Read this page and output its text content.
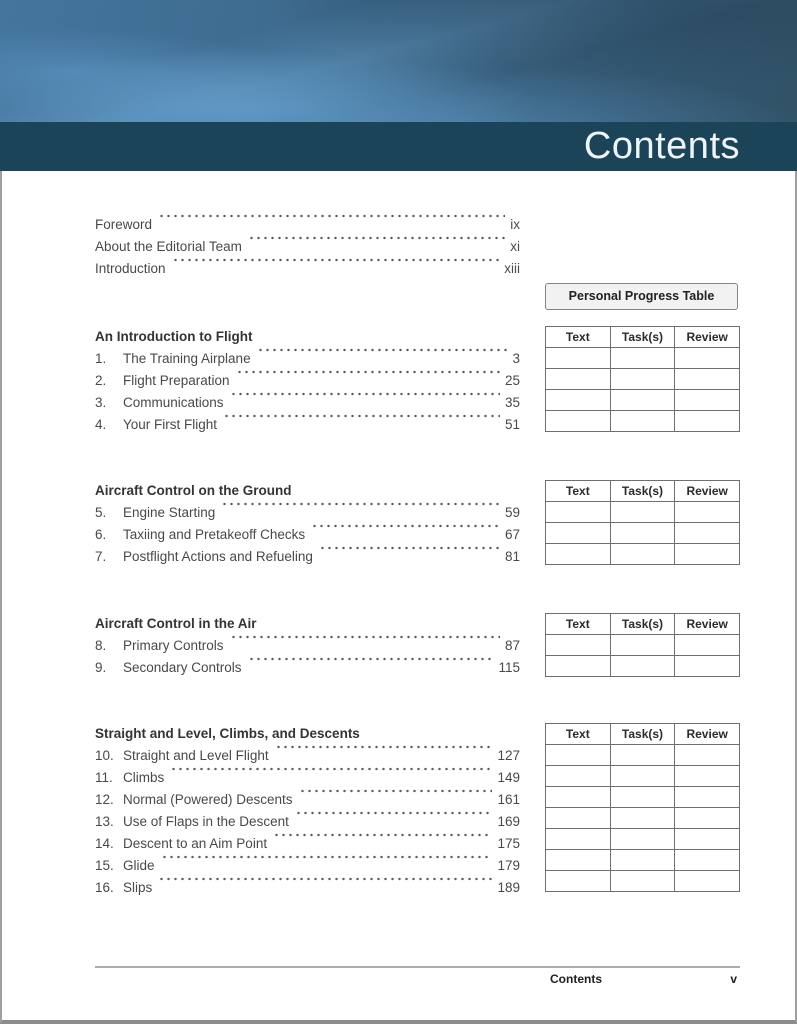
Contents
Foreword	ix
About the Editorial Team	xi
Introduction	xiii
Personal Progress Table
An Introduction to Flight
1.	The Training Airplane	3
2.	Flight Preparation	25
3.	Communications	35
4.	Your First Flight	51
Text	Task(s)	Review

Aircraft Control on the Ground
5.	Engine Starting	59
6.	Taxiing and Pretakeoff Checks	67
7.	Postflight Actions and Refueling	81
Text	Task(s)	Review

Aircraft Control in the Air
8.	Primary Controls	87
9.	Secondary Controls	115
Text	Task(s)	Review

Straight and Level, Climbs, and Descents
10. Straight and Level Flight	127
11. Climbs	149
12. Normal (Powered) Descents	161
13. Use of Flaps in the Descent	169
14. Descent to an Aim Point	175
15. Glide	179
16. Slips	189
Text	Task(s)	Review

Contents	v
